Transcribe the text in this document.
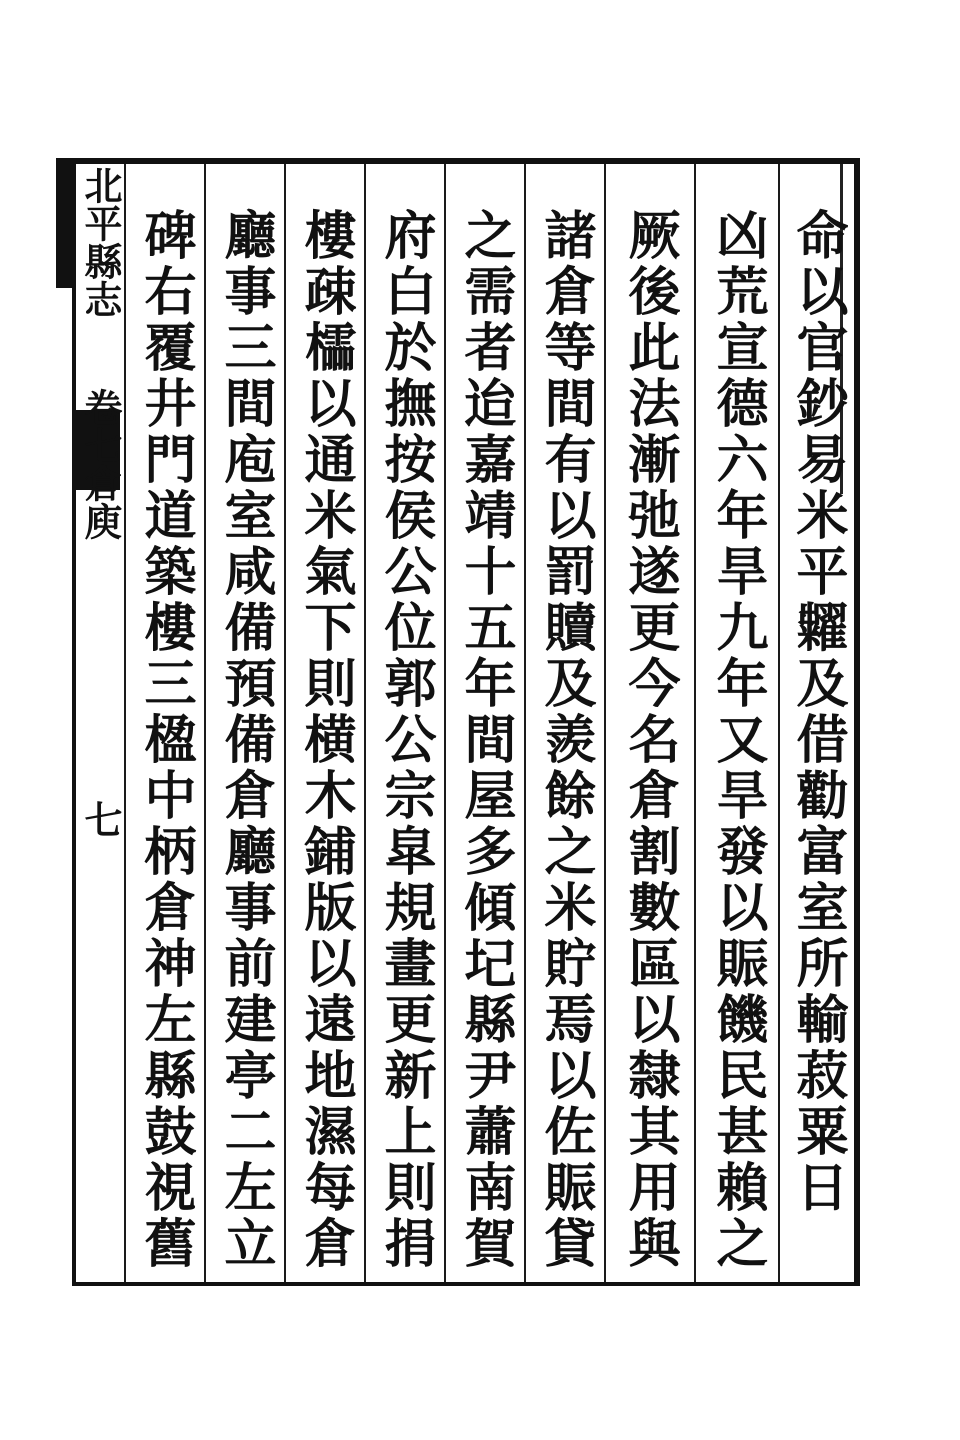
北平縣志卷七倉庾七	命以官鈔易米平糶及借勸富室所輸菽粟日
凶荒宣德六年旱九年又旱發以賑饑民甚賴之
厥後此法漸弛遂更今名倉割數區以隸其用與
諸倉等間有以罰贖及羨餘之米貯焉以佐賑貸
之需者迨嘉靖十五年間屋多傾圮縣尹蕭南賀
府白於撫按侯公位郭公宗皐規畫更新上則捐
樓疎櫺以通米氣下則横木鋪版以遠地濕每倉
廳事三間庖室咸備預備倉廳事前建亭二左立
碑右覆井門道築樓三楹中柄倉神左縣鼓視舊
